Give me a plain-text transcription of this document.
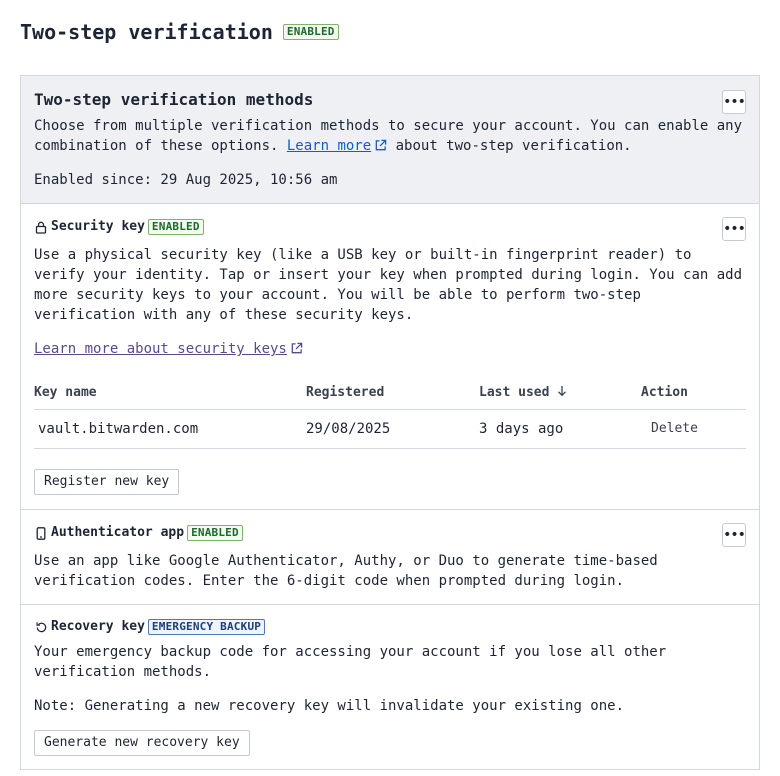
Two-step verification	ENABLED
Two-step verification methods	•••

Choose from multiple verification methods to secure your account. You can enable any combination of these options. Learn more about two-step verification.

Enabled since: 29 Aug 2025, 10:56 am

•••
Security key ENABLED

Use a physical security key (like a USB key or built-in fingerprint reader) to verify your identity. Tap or insert your key when prompted during login. You can add more security keys to your account. You will be able to perform two-step verification with any of these security keys.

Learn more about security keys
Key name	Registered	Last used	Action
vault.bitwarden.com	29/08/2025	3 days ago	Delete
Register new key
•••
Authenticator app ENABLED

Use an app like Google Authenticator, Authy, or Duo to generate time-based verification codes. Enter the 6-digit code when prompted during login.

Recovery key EMERGENCY BACKUP

Your emergency backup code for accessing your account if you lose all other verification methods.

Note: Generating a new recovery key will invalidate your existing one.

Generate new recovery key
